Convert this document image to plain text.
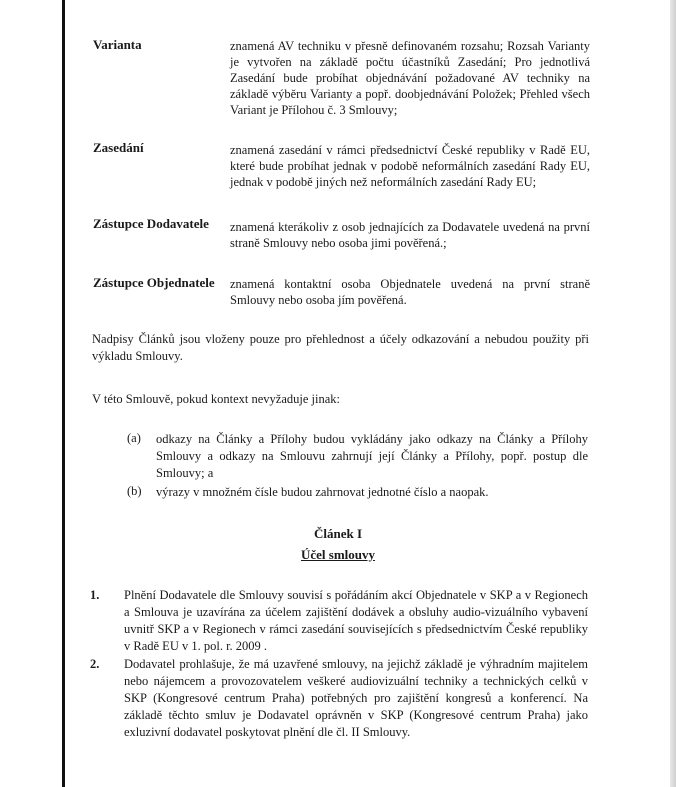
Varianta	znamená AV techniku v přesně definovaném rozsahu; Rozsah Varianty je vytvořen na základě počtu účastníků Zasedání; Pro jednotlivá Zasedání bude probíhat objednávání požadované AV techniky na základě výběru Varianty a popř. doobjednávání Položek; Přehled všech Variant je Přílohou č. 3 Smlouvy;
Zasedání	znamená zasedání v rámci předsednictví České republiky v Radě EU, které bude probíhat jednak v podobě neformálních zasedání Rady EU, jednak v podobě jiných než neformálních zasedání Rady EU;
Zástupce Dodavatele znamená kterákoliv z osob jednajících za Dodavatele uvedená na první straně Smlouvy nebo osoba jimi pověřená.;
Zástupce Objednatele znamená kontaktní osoba Objednatele uvedená na první straně Smlouvy nebo osoba jím pověřená.
Nadpisy Článků jsou vloženy pouze pro přehlednost a účely odkazování a nebudou použity při výkladu Smlouvy.
V této Smlouvě, pokud kontext nevyžaduje jinak:
(a) odkazy na Články a Přílohy budou vykládány jako odkazy na Články a Přílohy Smlouvy a odkazy na Smlouvu zahrnují její Články a Přílohy, popř. postup dle Smlouvy; a
(b) výrazy v množném čísle budou zahrnovat jednotné číslo a naopak.
Článek I
Účel smlouvy
1. Plnění Dodavatele dle Smlouvy souvisí s pořádáním akcí Objednatele v SKP a v Regionech a Smlouva je uzavírána za účelem zajištění dodávek a obsluhy audio-vizuálního vybavení uvnitř SKP a v Regionech v rámci zasedání souvisejících s předsednictvím České republiky v Radě EU v 1. pol. r. 2009 .
2. Dodavatel prohlašuje, že má uzavřené smlouvy, na jejichž základě je výhradním majitelem nebo nájemcem a provozovatelem veškeré audiovizuální techniky a technických celků v SKP (Kongresové centrum Praha) potřebných pro zajištění kongresů a konferencí. Na základě těchto smluv je Dodavatel oprávněn v SKP (Kongresové centrum Praha) jako exluzivní dodavatel poskytovat plnění dle čl. II Smlouvy.
